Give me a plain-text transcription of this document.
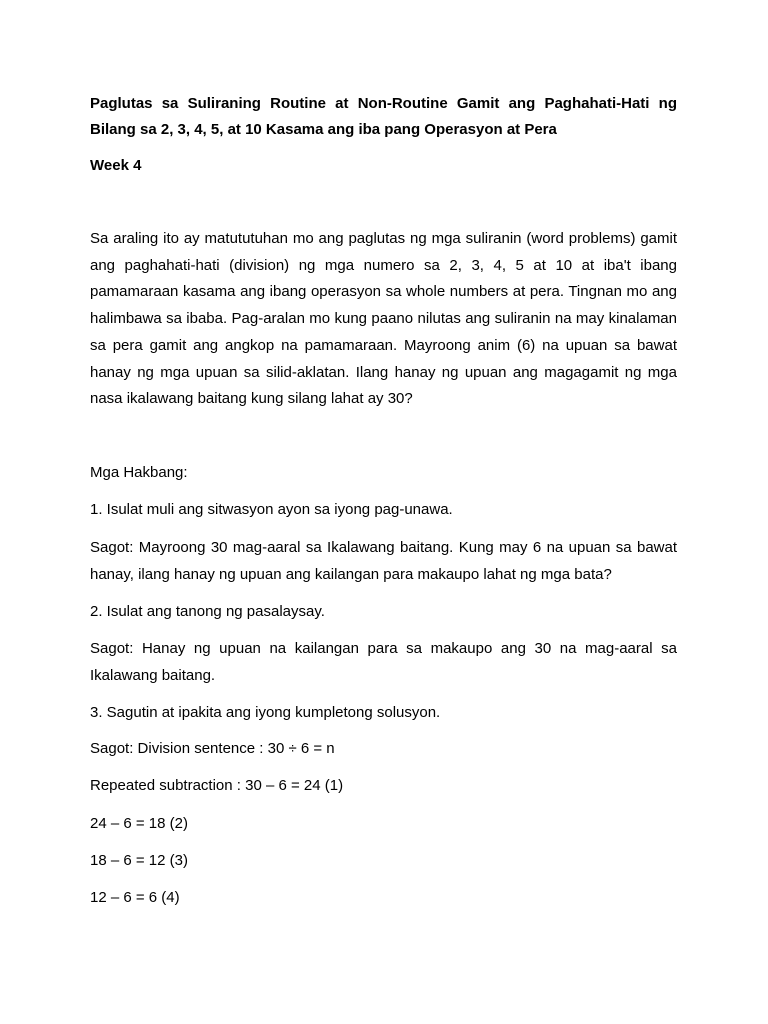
Paglutas sa Suliraning Routine at Non-Routine Gamit ang Paghahati-Hati ng Bilang sa 2, 3, 4, 5, at 10 Kasama ang iba pang Operasyon at Pera

Week 4

Sa araling ito ay matututuhan mo ang paglutas ng mga suliranin (word problems) gamit ang paghahati-hati (division) ng mga numero sa 2, 3, 4, 5 at 10 at iba't ibang pamamaraan kasama ang ibang operasyon sa whole numbers at pera. Tingnan mo ang halimbawa sa ibaba. Pag-aralan mo kung paano nilutas ang suliranin na may kinalaman sa pera gamit ang angkop na pamamaraan. Mayroong anim (6) na upuan sa bawat hanay ng mga upuan sa silid-aklatan. Ilang hanay ng upuan ang magagamit ng mga nasa ikalawang baitang kung silang lahat ay 30?

Mga Hakbang:

1. Isulat muli ang sitwasyon ayon sa iyong pag-unawa.

Sagot: Mayroong 30 mag-aaral sa Ikalawang baitang. Kung may 6 na upuan sa bawat hanay, ilang hanay ng upuan ang kailangan para makaupo lahat ng mga bata?

2. Isulat ang tanong ng pasalaysay.

Sagot: Hanay ng upuan na kailangan para sa makaupo ang 30 na mag-aaral sa Ikalawang baitang.

3. Sagutin at ipakita ang iyong kumpletong solusyon.

Sagot: Division sentence : 30 ÷ 6 = n

Repeated subtraction : 30 – 6 = 24 (1)

24 – 6 = 18 (2)

18 – 6 = 12 (3)

12 – 6 = 6 (4)
